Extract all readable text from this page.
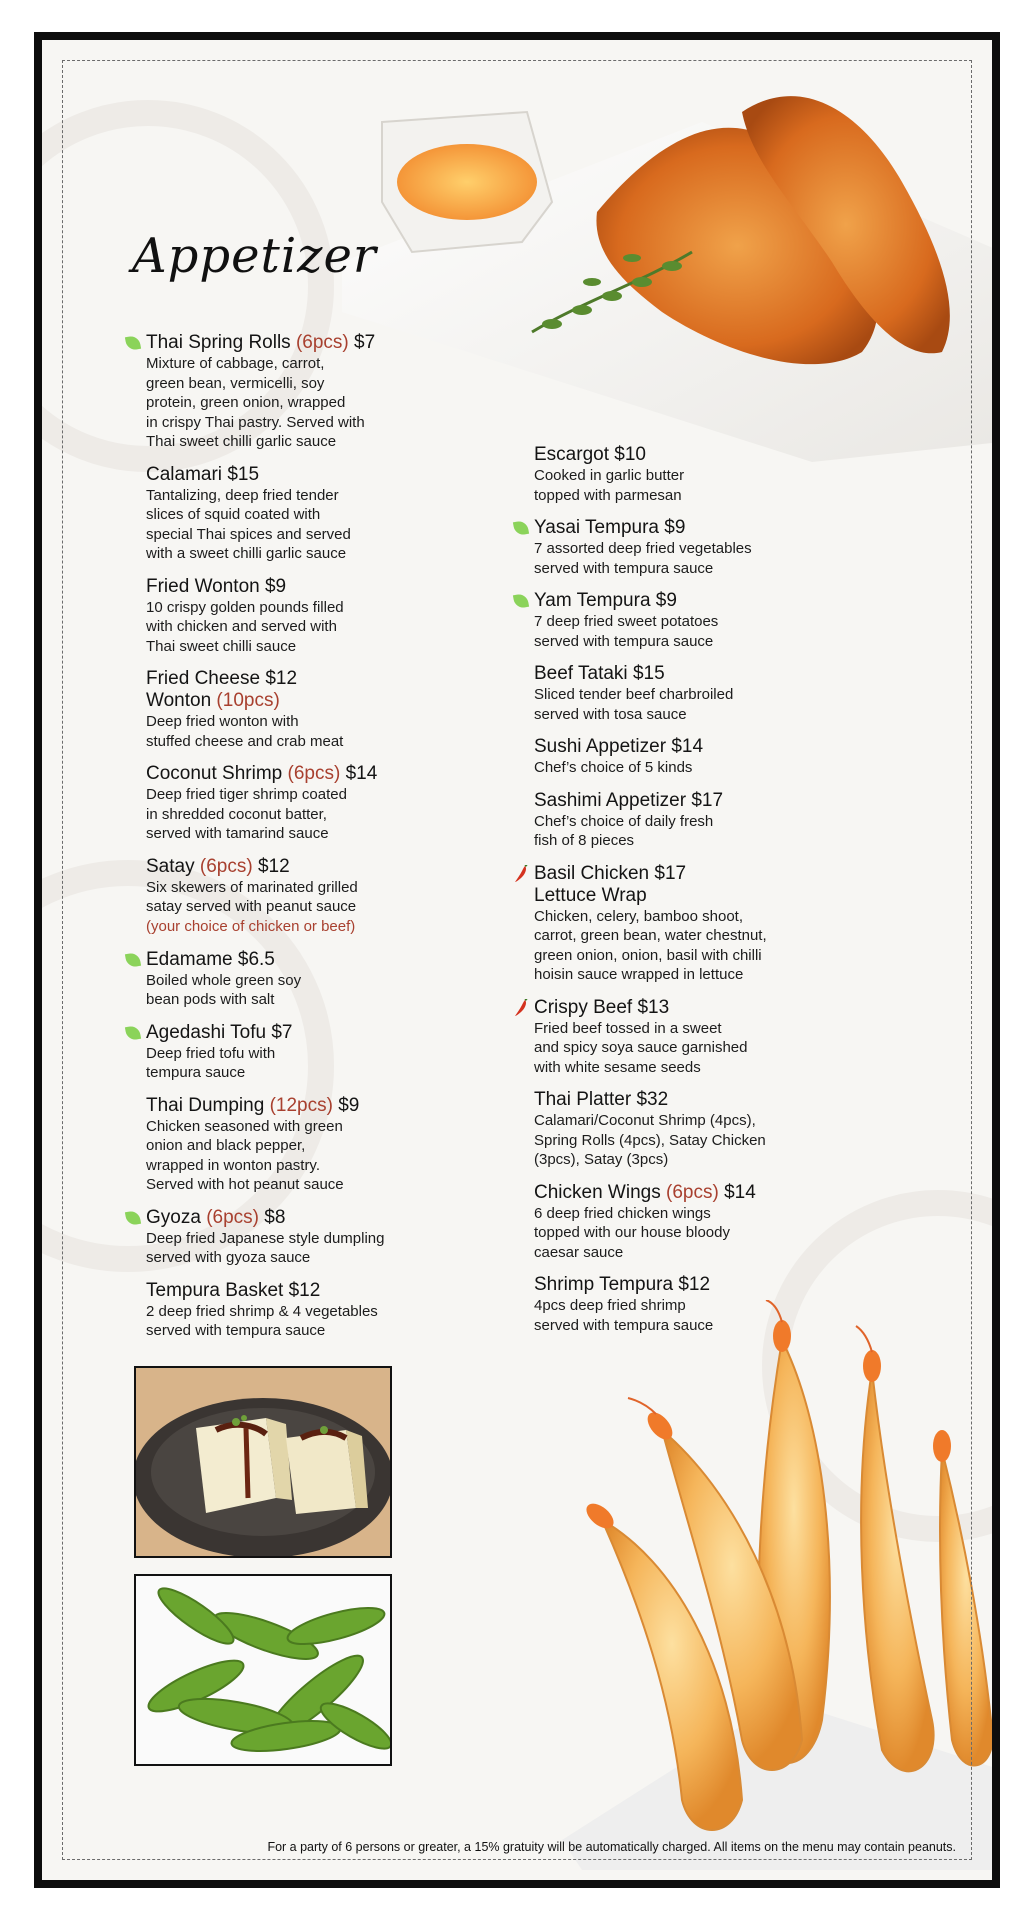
Appetizer
Thai Spring Rolls (6pcs) $7
Mixture of cabbage, carrot,
green bean, vermicelli, soy
protein, green onion, wrapped
in crispy Thai pastry. Served with
Thai sweet chilli garlic sauce
Calamari $15
Tantalizing, deep fried tender
slices of squid coated with
special Thai spices and served
with a sweet chilli garlic sauce
Fried Wonton $9
10 crispy golden pounds filled
with chicken and served with
Thai sweet chilli sauce
Fried Cheese $12 Wonton (10pcs)
Deep fried wonton with
stuffed cheese and crab meat
Coconut Shrimp (6pcs) $14
Deep fried tiger shrimp coated
in shredded coconut batter,
served with tamarind sauce
Satay (6pcs) $12
Six skewers of marinated grilled
satay served with peanut sauce
(your choice of chicken or beef)
Edamame $6.5
Boiled whole green soy
bean pods with salt
Agedashi Tofu $7
Deep fried tofu with
tempura sauce
Thai Dumping (12pcs) $9
Chicken seasoned with green
onion and black pepper,
wrapped in wonton pastry.
Served with hot peanut sauce
Gyoza (6pcs) $8
Deep fried Japanese style dumpling
served with gyoza sauce
Tempura Basket $12
2 deep fried shrimp & 4 vegetables
served with tempura sauce
Escargot $10
Cooked in garlic butter
topped with parmesan
Yasai Tempura $9
7 assorted deep fried vegetables
served with tempura sauce
Yam Tempura $9
7 deep fried sweet potatoes
served with tempura sauce
Beef Tataki $15
Sliced tender beef charbroiled
served with tosa sauce
Sushi Appetizer $14
Chef’s choice of 5 kinds
Sashimi Appetizer $17
Chef’s choice of daily fresh
fish of 8 pieces
Basil Chicken $17 Lettuce Wrap
Chicken, celery, bamboo shoot,
carrot, green bean, water chestnut,
green onion, onion, basil with chilli
hoisin sauce wrapped in lettuce
Crispy Beef $13
Fried beef tossed in a sweet
and spicy soya sauce garnished
with white sesame seeds
Thai Platter $32
Calamari/Coconut Shrimp (4pcs),
Spring Rolls (4pcs), Satay Chicken
(3pcs), Satay (3pcs)
Chicken Wings (6pcs) $14
6 deep fried chicken wings
topped with our house bloody
caesar sauce
Shrimp Tempura $12
4pcs deep fried shrimp
served with tempura sauce
For a party of 6 persons or greater, a 15% gratuity will be automatically charged. All items on the menu may contain peanuts.
